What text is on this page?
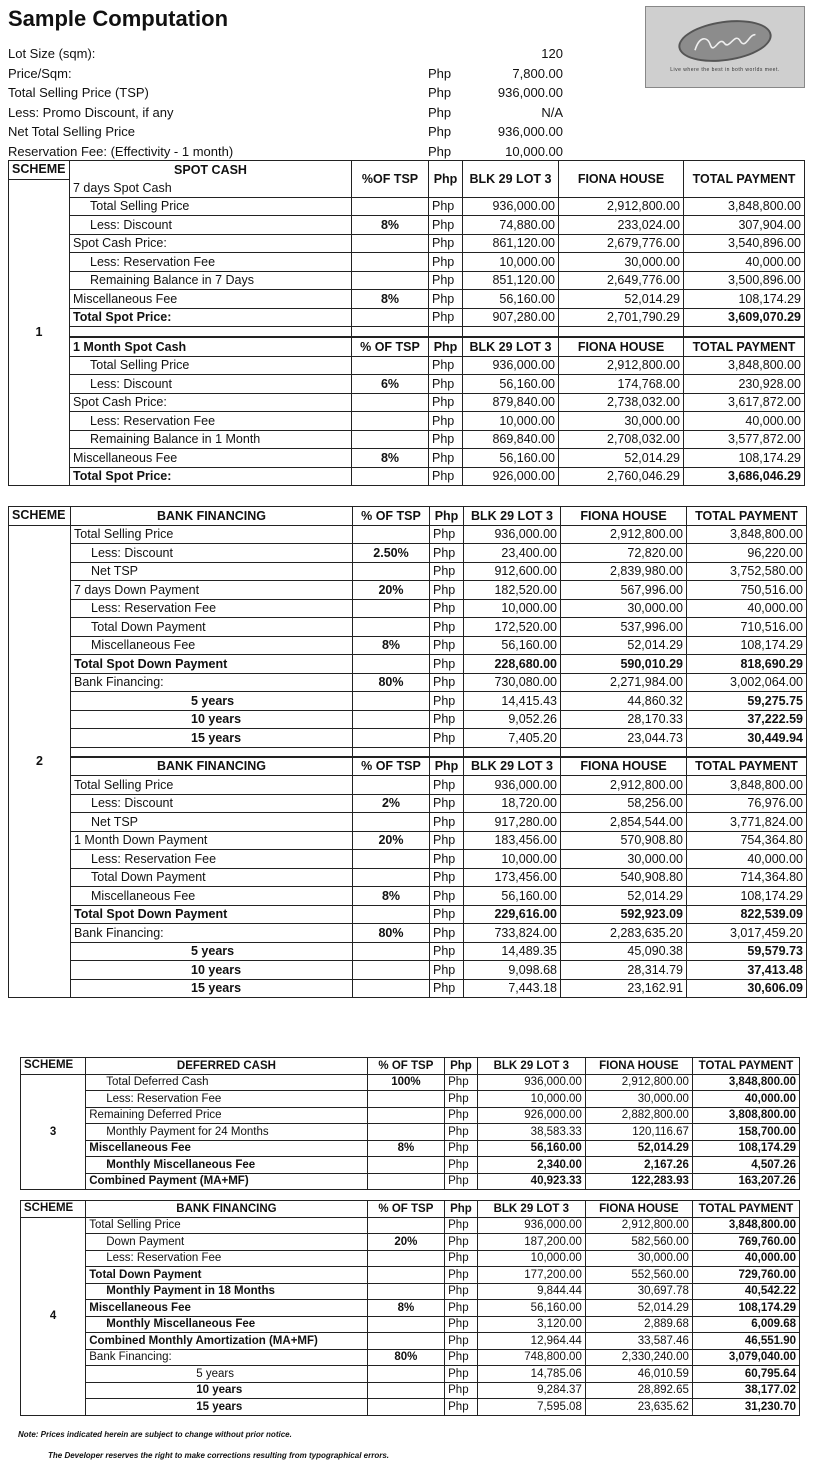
Sample Computation
Live where the best in both worlds meet.
Lot Size (sqm):	120
Price/Sqm:	Php	7,800.00
Total Selling Price (TSP)	Php	936,000.00
Less: Promo Discount, if any	Php	N/A
Net Total Selling Price	Php	936,000.00
Reservation Fee: (Effectivity - 1 month)	Php	10,000.00
SCHEME	SPOT CASH	%OF TSP	Php	BLK 29 LOT 3	FIONA HOUSE	TOTAL PAYMENT
1	7 days Spot Cash					
	Total Selling Price		Php	936,000.00	2,912,800.00	3,848,800.00
	Less: Discount	8%	Php	74,880.00	233,024.00	307,904.00
	Spot Cash Price:		Php	861,120.00	2,679,776.00	3,540,896.00
	Less: Reservation Fee		Php	10,000.00	30,000.00	40,000.00
	Remaining Balance in 7 Days		Php	851,120.00	2,649,776.00	3,500,896.00
	Miscellaneous Fee	8%	Php	56,160.00	52,014.29	108,174.29
	Total Spot Price:		Php	907,280.00	2,701,790.29	3,609,070.29

	1 Month Spot Cash	% OF TSP	Php	BLK 29 LOT 3	FIONA HOUSE	TOTAL PAYMENT
	Total Selling Price		Php	936,000.00	2,912,800.00	3,848,800.00
	Less: Discount	6%	Php	56,160.00	174,768.00	230,928.00
	Spot Cash Price:		Php	879,840.00	2,738,032.00	3,617,872.00
	Less: Reservation Fee		Php	10,000.00	30,000.00	40,000.00
	Remaining Balance in 1 Month		Php	869,840.00	2,708,032.00	3,577,872.00
	Miscellaneous Fee	8%	Php	56,160.00	52,014.29	108,174.29
	Total Spot Price:		Php	926,000.00	2,760,046.29	3,686,046.29
SCHEME	BANK FINANCING	% OF TSP	Php	BLK 29 LOT 3	FIONA HOUSE	TOTAL PAYMENT
2	Total Selling Price		Php	936,000.00	2,912,800.00	3,848,800.00
	Less: Discount	2.50%	Php	23,400.00	72,820.00	96,220.00
	Net TSP		Php	912,600.00	2,839,980.00	3,752,580.00
	7 days Down Payment	20%	Php	182,520.00	567,996.00	750,516.00
	Less: Reservation Fee		Php	10,000.00	30,000.00	40,000.00
	Total Down Payment		Php	172,520.00	537,996.00	710,516.00
	Miscellaneous Fee	8%	Php	56,160.00	52,014.29	108,174.29
	Total Spot Down Payment		Php	228,680.00	590,010.29	818,690.29
	Bank Financing:	80%	Php	730,080.00	2,271,984.00	3,002,064.00
	5 years		Php	14,415.43	44,860.32	59,275.75
	10 years		Php	9,052.26	28,170.33	37,222.59
	15 years		Php	7,405.20	23,044.73	30,449.94

	BANK FINANCING	% OF TSP	Php	BLK 29 LOT 3	FIONA HOUSE	TOTAL PAYMENT
	Total Selling Price		Php	936,000.00	2,912,800.00	3,848,800.00
	Less: Discount	2%	Php	18,720.00	58,256.00	76,976.00
	Net TSP		Php	917,280.00	2,854,544.00	3,771,824.00
	1 Month Down Payment	20%	Php	183,456.00	570,908.80	754,364.80
	Less: Reservation Fee		Php	10,000.00	30,000.00	40,000.00
	Total Down Payment		Php	173,456.00	540,908.80	714,364.80
	Miscellaneous Fee	8%	Php	56,160.00	52,014.29	108,174.29
	Total Spot Down Payment		Php	229,616.00	592,923.09	822,539.09
	Bank Financing:	80%	Php	733,824.00	2,283,635.20	3,017,459.20
	5 years		Php	14,489.35	45,090.38	59,579.73
	10 years		Php	9,098.68	28,314.79	37,413.48
	15 years		Php	7,443.18	23,162.91	30,606.09
SCHEME	DEFERRED CASH	% OF TSP	Php	BLK 29 LOT 3	FIONA HOUSE	TOTAL PAYMENT
3	Total Deferred Cash	100%	Php	936,000.00	2,912,800.00	3,848,800.00
	Less: Reservation Fee		Php	10,000.00	30,000.00	40,000.00
	Remaining Deferred Price		Php	926,000.00	2,882,800.00	3,808,800.00
	Monthly Payment for 24 Months		Php	38,583.33	120,116.67	158,700.00
	Miscellaneous Fee	8%	Php	56,160.00	52,014.29	108,174.29
	Monthly Miscellaneous Fee		Php	2,340.00	2,167.26	4,507.26
	Combined Payment (MA+MF)		Php	40,923.33	122,283.93	163,207.26
SCHEME	BANK FINANCING	% OF TSP	Php	BLK 29 LOT 3	FIONA HOUSE	TOTAL PAYMENT
4	Total Selling Price		Php	936,000.00	2,912,800.00	3,848,800.00
	Down Payment	20%	Php	187,200.00	582,560.00	769,760.00
	Less: Reservation Fee		Php	10,000.00	30,000.00	40,000.00
	Total Down Payment		Php	177,200.00	552,560.00	729,760.00
	Monthly Payment in 18 Months		Php	9,844.44	30,697.78	40,542.22
	Miscellaneous Fee	8%	Php	56,160.00	52,014.29	108,174.29
	Monthly Miscellaneous Fee		Php	3,120.00	2,889.68	6,009.68
	Combined Monthly Amortization (MA+MF)		Php	12,964.44	33,587.46	46,551.90
	Bank Financing:	80%	Php	748,800.00	2,330,240.00	3,079,040.00
	5 years		Php	14,785.06	46,010.59	60,795.64
	10 years		Php	9,284.37	28,892.65	38,177.02
	15 years		Php	7,595.08	23,635.62	31,230.70
Note: Prices indicated herein are subject to change without prior notice.
The Developer reserves the right to make corrections resulting from typographical errors.
